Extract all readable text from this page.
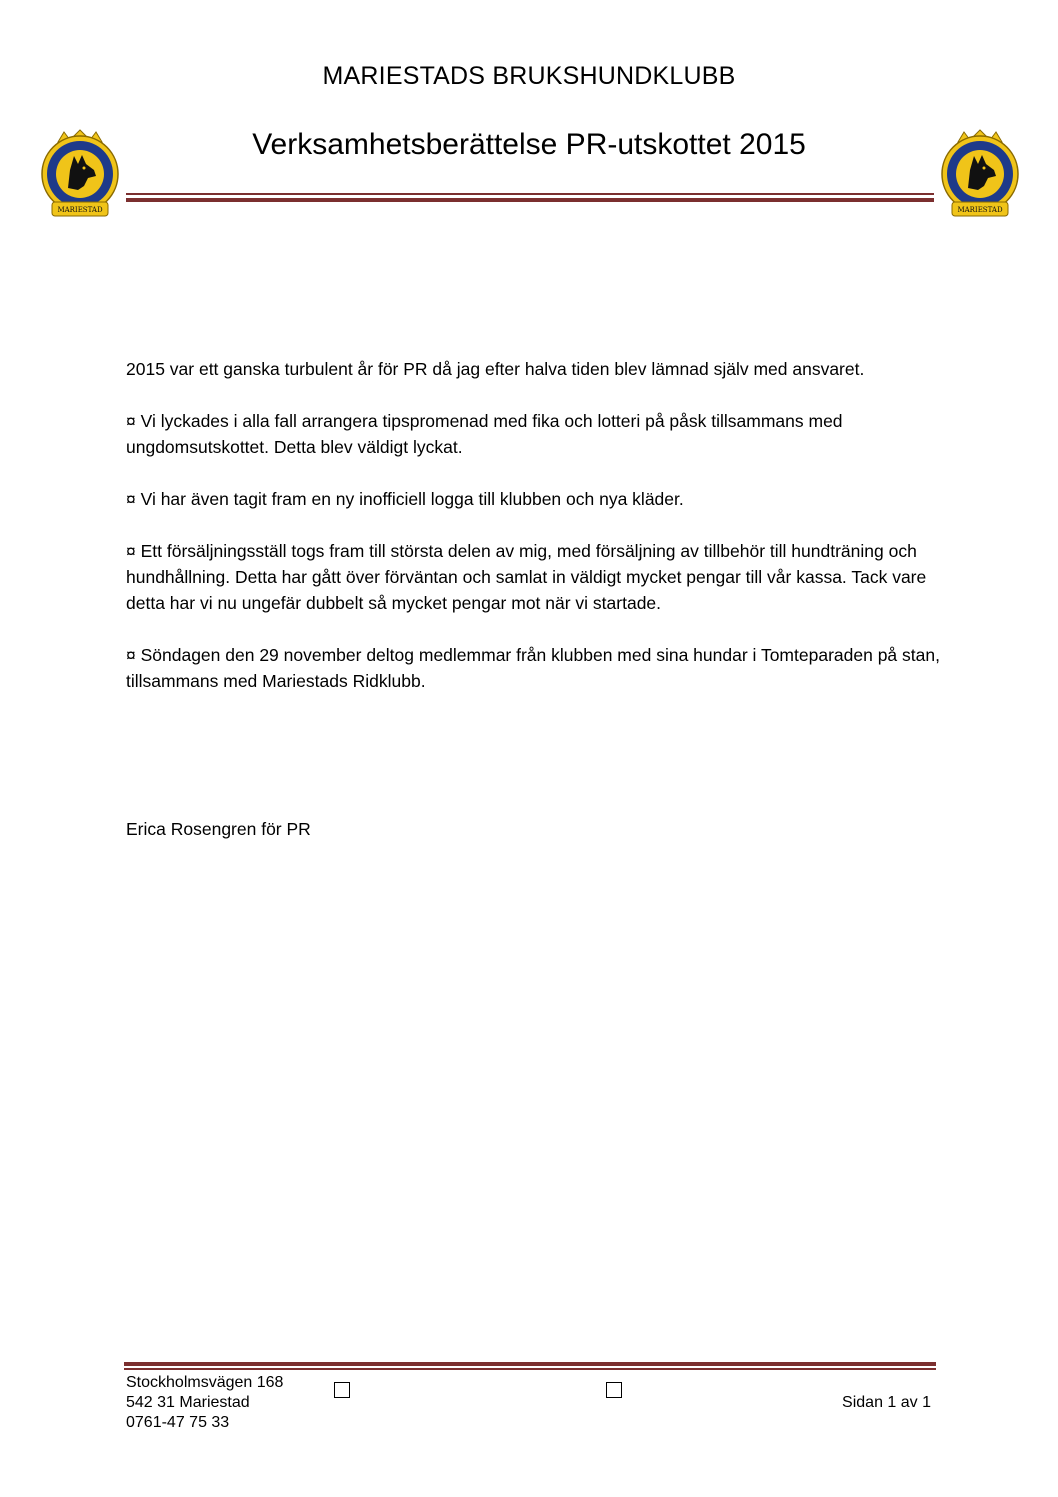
MARIESTADS BRUKSHUNDKLUBB
Verksamhetsberättelse PR-utskottet 2015
MARIESTAD	MARIESTAD

2015 var ett ganska turbulent år för PR då jag efter halva tiden blev lämnad själv med ansvaret.

¤ Vi lyckades i alla fall arrangera tipspromenad med fika och lotteri på påsk tillsammans med ungdomsutskottet. Detta blev väldigt lyckat.

¤ Vi har även tagit fram en ny inofficiell logga till klubben och nya kläder.

¤ Ett försäljningsställ togs fram till största delen av mig, med försäljning av tillbehör till hundträning och hundhållning. Detta har gått över förväntan och samlat in väldigt mycket pengar till vår kassa. Tack vare detta har vi nu ungefär dubbelt så mycket pengar mot när vi startade.

¤ Söndagen den 29 november deltog medlemmar från klubben med sina hundar i Tomteparaden på stan, tillsammans med Mariestads Ridklubb.

Erica Rosengren för PR
Stockholmsvägen 168
542 31 Mariestad
0761-47 75 33
Sidan 1 av 1
